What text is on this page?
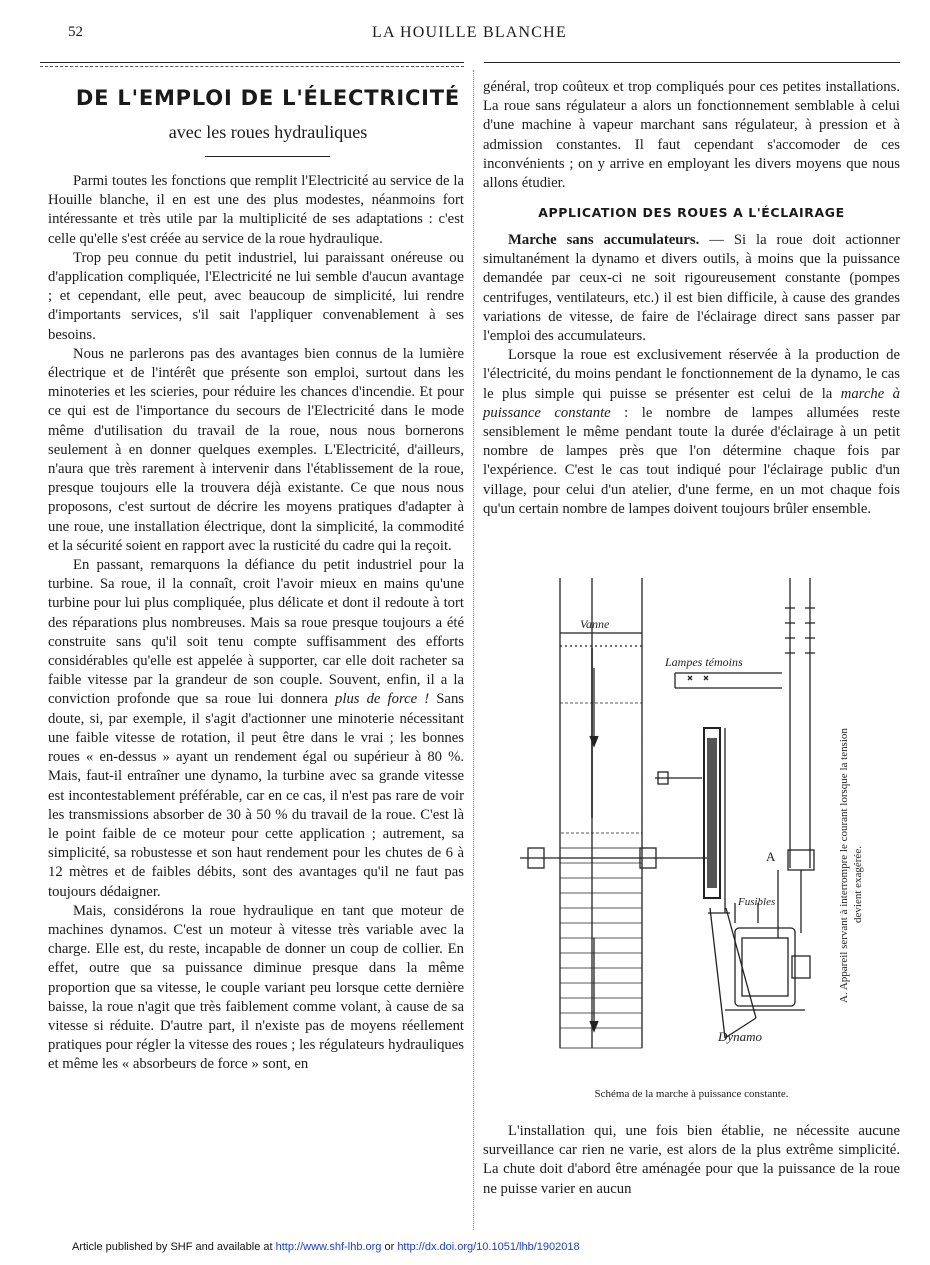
52	LA HOUILLE BLANCHE
DE L'EMPLOI DE L'ÉLECTRICITÉ
avec les roues hydrauliques

Parmi toutes les fonctions que remplit l'Electricité au service de la Houille blanche, il en est une des plus modestes, néanmoins fort intéressante et très utile par la multiplicité de ses adaptations : c'est celle qu'elle s'est créée au service de la roue hydraulique.

Trop peu connue du petit industriel, lui paraissant onéreuse ou d'application compliquée, l'Electricité ne lui semble d'aucun avantage ; et cependant, elle peut, avec beaucoup de simplicité, lui rendre d'importants services, s'il sait l'appliquer convenablement à ses besoins.

Nous ne parlerons pas des avantages bien connus de la lumière électrique et de l'intérêt que présente son emploi, surtout dans les minoteries et les scieries, pour réduire les chances d'incendie. Et pour ce qui est de l'importance du secours de l'Electricité dans le mode même d'utilisation du travail de la roue, nous nous bornerons seulement à en donner quelques exemples. L'Electricité, d'ailleurs, n'aura que très rarement à intervenir dans l'établissement de la roue, presque toujours elle la trouvera déjà existante. Ce que nous nous proposons, c'est surtout de décrire les moyens pratiques d'adapter à une roue, une installation électrique, dont la simplicité, la commodité et la sécurité soient en rapport avec la rusticité du cadre qui la reçoit.

En passant, remarquons la défiance du petit industriel pour la turbine. Sa roue, il la connaît, croit l'avoir mieux en mains qu'une turbine pour lui plus compliquée, plus délicate et dont il redoute à tort des réparations plus nombreuses. Mais sa roue presque toujours a été construite sans qu'il soit tenu compte suffisamment des efforts considérables qu'elle est appelée à supporter, car elle doit racheter sa faible vitesse par la grandeur de son couple. Souvent, enfin, il a la conviction profonde que sa roue lui donnera plus de force ! Sans doute, si, par exemple, il s'agit d'actionner une minoterie nécessitant une faible vitesse de rotation, il peut être dans le vrai ; les bonnes roues « en-dessus » ayant un rendement égal ou supérieur à 80 %. Mais, faut-il entraîner une dynamo, la turbine avec sa grande vitesse est incontestablement préférable, car en ce cas, il n'est pas rare de voir les transmissions absorber de 30 à 50 % du travail de la roue. C'est là le point faible de ce moteur pour cette application ; autrement, sa simplicité, sa robustesse et son haut rendement pour les chutes de 6 à 12 mètres et de faibles débits, sont des avantages qu'il ne faut pas toujours dédaigner.

Mais, considérons la roue hydraulique en tant que moteur de machines dynamos. C'est un moteur à vitesse très variable avec la charge. Elle est, du reste, incapable de donner un coup de collier. En effet, outre que sa puissance diminue presque dans la même proportion que sa vitesse, le couple variant peu lorsque cette dernière baisse, la roue n'agit que très faiblement comme volant, à cause de sa vitesse si réduite. D'autre part, il n'existe pas de moyens réellement pratiques pour régler la vitesse des roues ; les régulateurs hydrauliques et même les « absorbeurs de force » sont, en

général, trop coûteux et trop compliqués pour ces petites installations. La roue sans régulateur a alors un fonctionnement semblable à celui d'une machine à vapeur marchant sans régulateur, à pression et à admission constantes. Il faut cependant s'accomoder de ces inconvénients ; on y arrive en employant les divers moyens que nous allons étudier.

APPLICATION DES ROUES A L'ÉCLAIRAGE

Marche sans accumulateurs. — Si la roue doit actionner simultanément la dynamo et divers outils, à moins que la puissance demandée par ceux-ci ne soit rigoureusement constante (pompes centrifuges, ventilateurs, etc.) il est bien difficile, à cause des grandes variations de vitesse, de faire de l'éclairage direct sans passer par l'emploi des accumulateurs.

Lorsque la roue est exclusivement réservée à la production de l'électricité, du moins pendant le fonctionnement de la dynamo, le cas le plus simple qui puisse se présenter est celui de la marche à puissance constante : le nombre de lampes allumées reste sensiblement le même pendant toute la durée d'éclairage à un petit nombre de lampes près que l'on détermine chaque fois par l'expérience. C'est le cas tout indiqué pour l'éclairage public d'un village, pour celui d'un atelier, d'une ferme, en un mot chaque fois qu'un certain nombre de lampes doivent toujours brûler ensemble.

Vanne
Lampes témoins
A
Fusibles
Dynamo
A. Appareil servant à interrompre le courant lorsque la tension devient exagérée.
Schéma de la marche à puissance constante.

L'installation qui, une fois bien établie, ne nécessite aucune surveillance car rien ne varie, est alors de la plus extrême simplicité. La chute doit d'abord être aménagée pour que la puissance de la roue ne puisse varier en aucun

Article published by SHF and available at http://www.shf-lhb.org or http://dx.doi.org/10.1051/lhb/1902018
